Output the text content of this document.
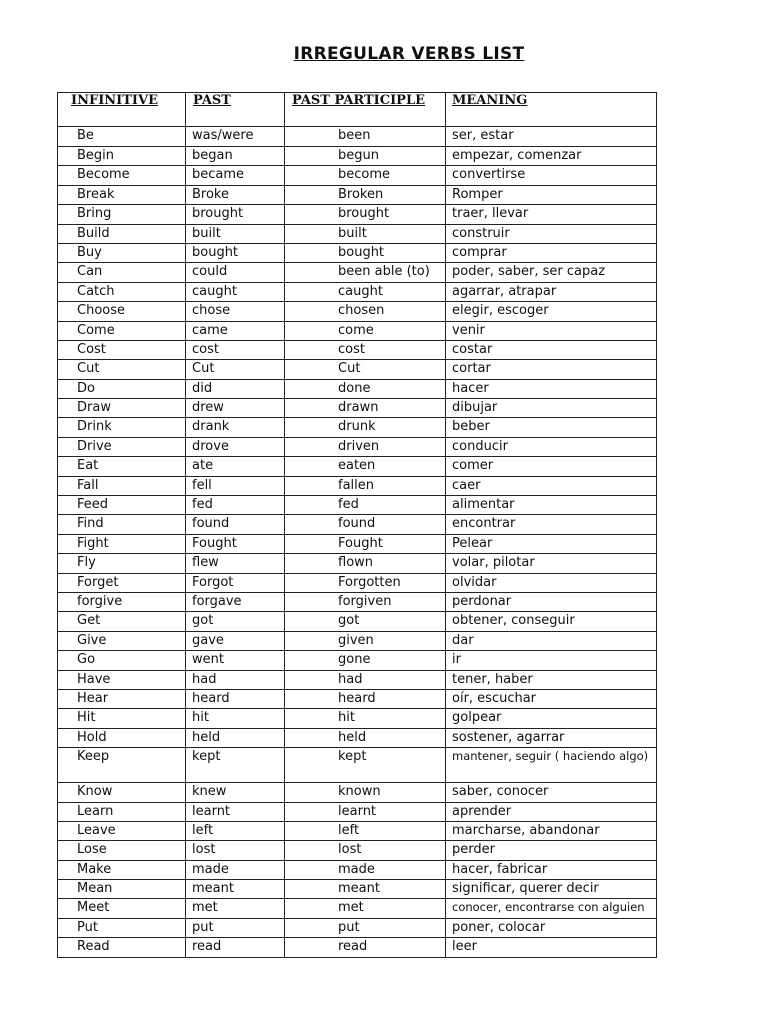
IRREGULAR VERBS LIST
INFINITIVE	PAST	PAST PARTICIPLE	MEANING
Be	was/were	been	ser, estar
Begin	began	begun	empezar, comenzar
Become	became	become	convertirse
Break	Broke	Broken	Romper
Bring	brought	brought	traer, llevar
Build	built	built	construir
Buy	bought	bought	comprar
Can	could	been able (to)	poder, saber, ser capaz
Catch	caught	caught	agarrar, atrapar
Choose	chose	chosen	elegir, escoger
Come	came	come	venir
Cost	cost	cost	costar
Cut	Cut	Cut	cortar
Do	did	done	hacer
Draw	drew	drawn	dibujar
Drink	drank	drunk	beber
Drive	drove	driven	conducir
Eat	ate	eaten	comer
Fall	fell	fallen	caer
Feed	fed	fed	alimentar
Find	found	found	encontrar
Fight	Fought	Fought	Pelear
Fly	flew	flown	volar, pilotar
Forget	Forgot	Forgotten	olvidar
forgive	forgave	forgiven	perdonar
Get	got	got	obtener, conseguir
Give	gave	given	dar
Go	went	gone	ir
Have	had	had	tener, haber
Hear	heard	heard	oír, escuchar
Hit	hit	hit	golpear
Hold	held	held	sostener, agarrar
Keep	kept	kept	mantener, seguir ( haciendo algo)
Know	knew	known	saber, conocer
Learn	learnt	learnt	aprender
Leave	left	left	marcharse, abandonar
Lose	lost	lost	perder
Make	made	made	hacer, fabricar
Mean	meant	meant	significar, querer decir
Meet	met	met	conocer, encontrarse con alguien
Put	put	put	poner, colocar
Read	read	read	leer
